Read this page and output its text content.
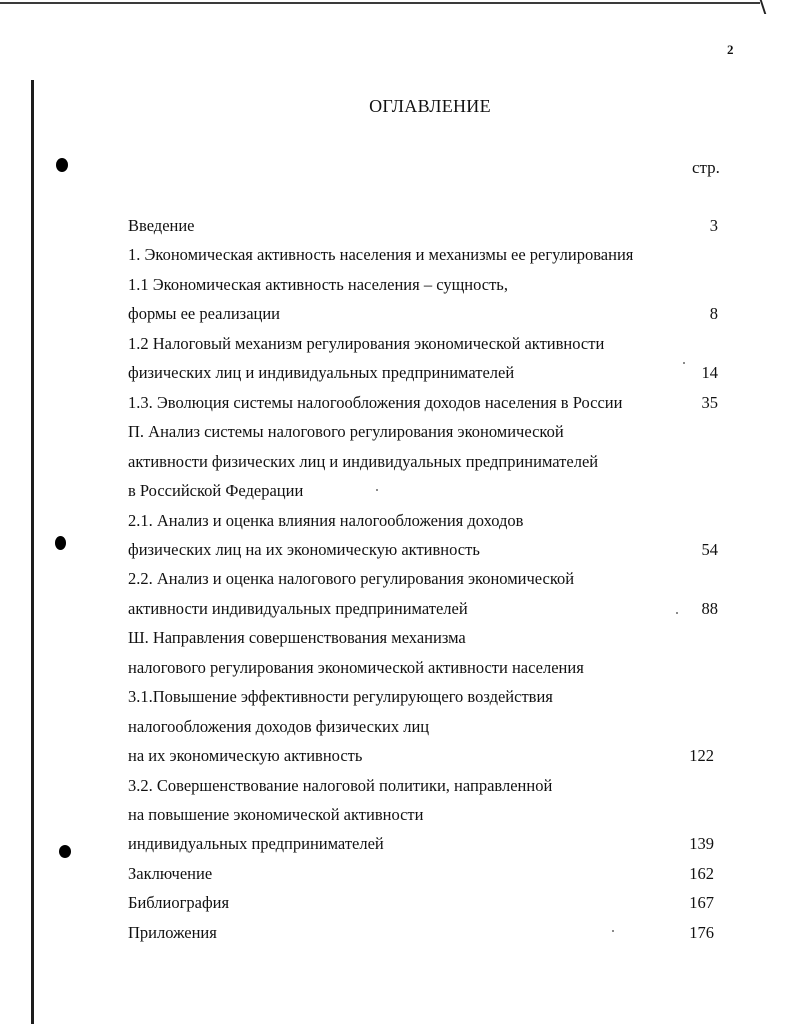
2
ОГЛАВЛЕНИЕ
стр.
Введение	3
1. Экономическая активность населения и механизмы ее регулирования
1.1 Экономическая активность населения – сущность,
формы ее реализации	8
1.2 Налоговый механизм регулирования экономической активности
физических лиц и индивидуальных предпринимателей	14
1.3. Эволюция системы налогообложения доходов населения в России	35
П. Анализ системы налогового регулирования экономической
активности физических лиц и индивидуальных предпринимателей
в Российской Федерации
2.1. Анализ и оценка влияния налогообложения доходов
физических лиц на их экономическую активность	54
2.2. Анализ и оценка налогового регулирования экономической
активности индивидуальных предпринимателей	88
Ш. Направления совершенствования механизма
налогового регулирования экономической активности населения
3.1.Повышение эффективности регулирующего воздействия
налогообложения доходов физических лиц
на их экономическую активность	122
3.2. Совершенствование налоговой политики, направленной
на повышение экономической активности
индивидуальных предпринимателей	139
Заключение	162
Библиография	167
Приложения	176
